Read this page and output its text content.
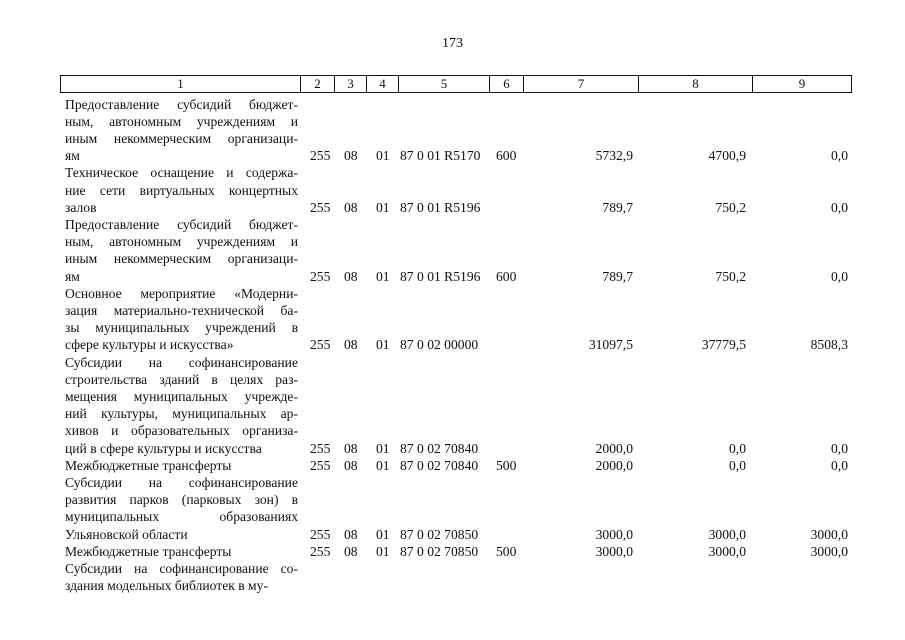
173
1	2	3	4	5	6	7	8	9
Предоставление субсидий бюджет-
ным, автономным учреждениям и
иным некоммерческим организаци-
ям	255 08 01 87 0 01 R5170 600	5732,9	4700,9	0,0
Техническое оснащение и содержа-
ние сети виртуальных концертных
залов	255 08 01 87 0 01 R5196	789,7	750,2	0,0
Предоставление субсидий бюджет-
ным, автономным учреждениям и
иным некоммерческим организаци-
ям	255 08 01 87 0 01 R5196 600	789,7	750,2	0,0
Основное мероприятие «Модерни-
зация материально-технической ба-
зы муниципальных учреждений в
сфере культуры и искусства»	255 08 01 87 0 02 00000	31097,5	37779,5	8508,3
Субсидии на софинансирование
строительства зданий в целях раз-
мещения муниципальных учрежде-
ний культуры, муниципальных ар-
хивов и образовательных организа-
ций в сфере культуры и искусства	255 08 01 87 0 02 70840	2000,0	0,0	0,0
Межбюджетные трансферты	255 08 01 87 0 02 70840 500	2000,0	0,0	0,0
Субсидии на софинансирование
развития парков (парковых зон) в
муниципальных образованиях
Ульяновской области	255 08 01 87 0 02 70850	3000,0	3000,0	3000,0
Межбюджетные трансферты	255 08 01 87 0 02 70850 500	3000,0	3000,0	3000,0
Субсидии на софинансирование со-
здания модельных библиотек в му-
